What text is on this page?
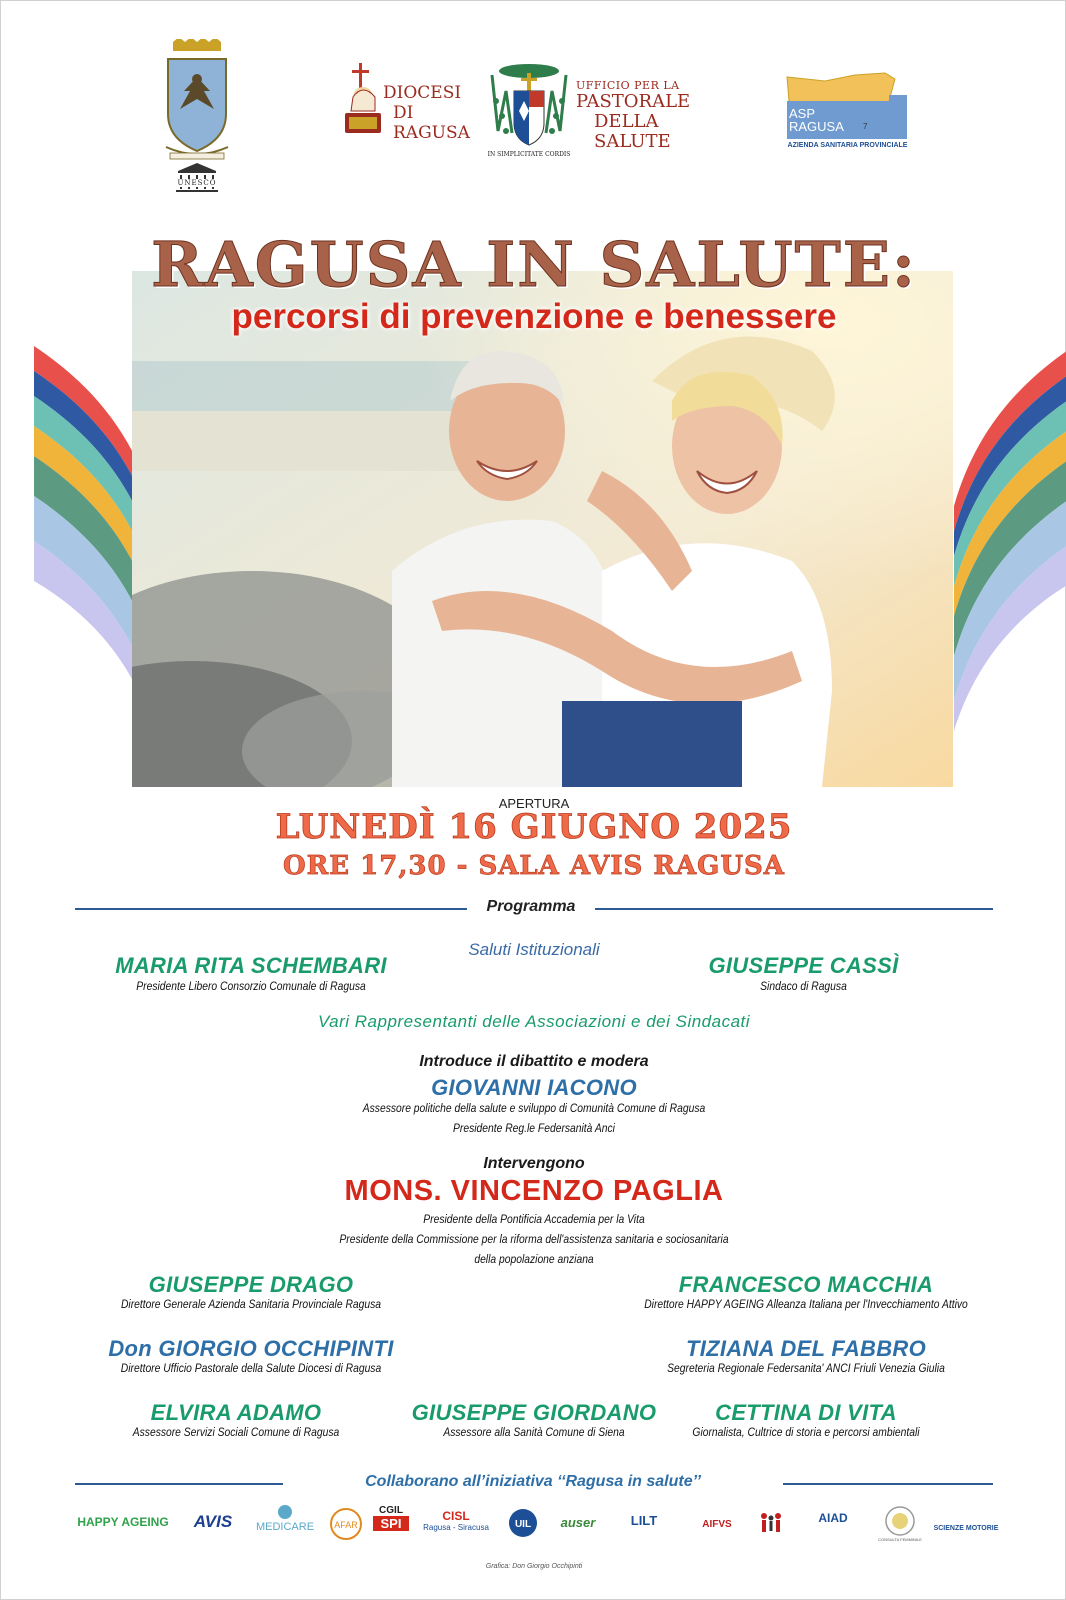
UNESCO
DIOCESI
DI RAGUSA
IN SIMPLICITATE CORDIS
UFFICIO PER LA
PASTORALE
DELLA SALUTE
ASP
RAGUSA 7
AZIENDA SANITARIA PROVINCIALE
RAGUSA IN SALUTE:
percorsi di prevenzione e benessere
APERTURA
LUNEDÌ 16 GIUGNO 2025
ORE 17,30 - SALA AVIS RAGUSA
Programma
Saluti Istituzionali
MARIA RITA SCHEMBARI
Presidente Libero Consorzio Comunale di Ragusa
GIUSEPPE CASSÌ
Sindaco di Ragusa
Vari Rappresentanti delle Associazioni e dei Sindacati
Introduce il dibattito e modera
GIOVANNI IACONO
Assessore politiche della salute e sviluppo di Comunità Comune di Ragusa
Presidente Reg.le Federsanità Anci
Intervengono
MONS. VINCENZO PAGLIA
Presidente della Pontificia Accademia per la Vita
Presidente della Commissione per la riforma dell'assistenza sanitaria e sociosanitaria
della popolazione anziana
GIUSEPPE DRAGO
Direttore Generale Azienda Sanitaria Provinciale Ragusa
FRANCESCO MACCHIA
Direttore HAPPY AGEING Alleanza Italiana per l'Invecchiamento Attivo
Don GIORGIO OCCHIPINTI
Direttore Ufficio Pastorale della Salute Diocesi di Ragusa
TIZIANA DEL FABBRO
Segreteria Regionale Federsanita' ANCI Friuli Venezia Giulia
ELVIRA ADAMO
Assessore Servizi Sociali Comune di Ragusa
GIUSEPPE GIORDANO
Assessore alla Sanità Comune di Siena
CETTINA DI VITA
Giornalista, Cultrice di storia e percorsi ambientali
Collaborano all’iniziativa ‘‘Ragusa in salute’’
HAPPY AGEING	AVIS	MEDICARE	AFAR
CGIL
SPI	CISL
Ragusa - Siracusa	UIL	auser	LILT	AIFVS	AIAD
CONSULTA FEMMINILE
SCIENZE MOTORIE
Grafica: Don Giorgio Occhipinti
